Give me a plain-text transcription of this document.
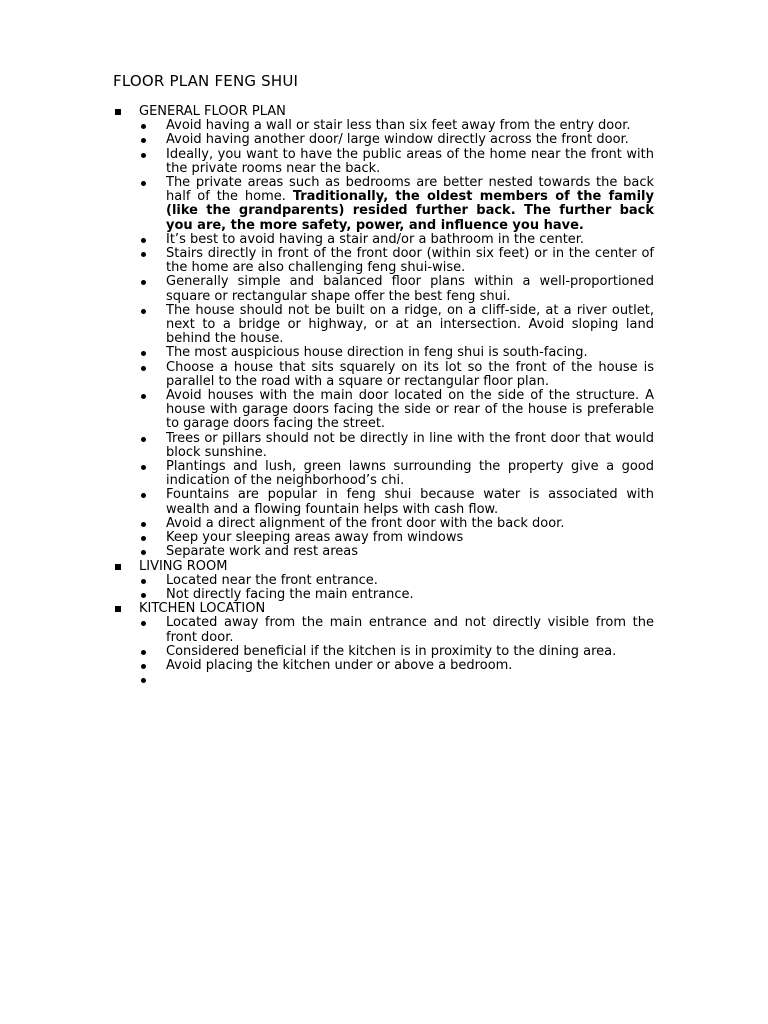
FLOOR PLAN FENG SHUI
GENERAL FLOOR PLAN
Avoid having a wall or stair less than six feet away from the entry door.
Avoid having another door/ large window directly across the front door.
Ideally, you want to have the public areas of the home near the front with the private rooms near the back.
The private areas such as bedrooms are better nested towards the back half of the home. Traditionally, the oldest members of the family (like the grandparents) resided further back. The further back you are, the more safety, power, and influence you have.
It’s best to avoid having a stair and/or a bathroom in the center.
Stairs directly in front of the front door (within six feet) or in the center of the home are also challenging feng shui-wise.
Generally simple and balanced floor plans within a well-proportioned square or rectangular shape offer the best feng shui.
The house should not be built on a ridge, on a cliff-side, at a river outlet, next to a bridge or highway, or at an intersection. Avoid sloping land behind the house.
The most auspicious house direction in feng shui is south-facing.
Choose a house that sits squarely on its lot so the front of the house is parallel to the road with a square or rectangular floor plan.
Avoid houses with the main door located on the side of the structure. A house with garage doors facing the side or rear of the house is preferable to garage doors facing the street.
Trees or pillars should not be directly in line with the front door that would block sunshine.
Plantings and lush, green lawns surrounding the property give a good indication of the neighborhood’s chi.
Fountains are popular in feng shui because water is associated with wealth and a flowing fountain helps with cash flow.
Avoid a direct alignment of the front door with the back door.
Keep your sleeping areas away from windows
Separate work and rest areas
LIVING ROOM
Located near the front entrance.
Not directly facing the main entrance.
KITCHEN LOCATION
Located away from the main entrance and not directly visible from the front door.
Considered beneficial if the kitchen is in proximity to the dining area.
Avoid placing the kitchen under or above a bedroom.
